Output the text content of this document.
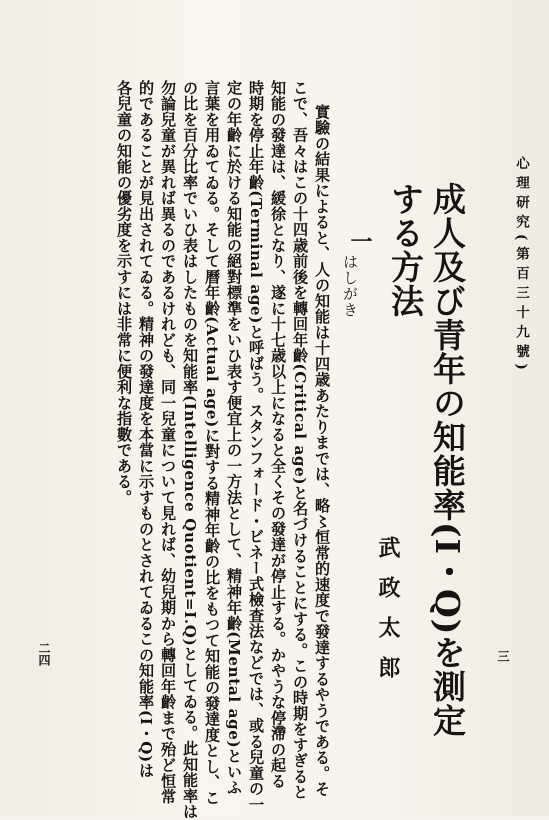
心理研究(第百三十九號)
三
成人及び青年の知能率(I・Q)を測定
する方法
武政太郎
一
はしがき
實驗の結果によると、人の知能は十四歳あたりまでは、略〻恒常的速度で發達するやうである。そ
こで、吾々はこの十四歳前後を轉回年齡(Critical age)と名づけることにする。この時期をすぎると
知能の發達は、緩徐となり、遂に十七歳以上になると全くその發達が停止する。かやうな停滯の起る
時期を停止年齡(Terminal age)と呼ばう。スタンフォード・ビネー式檢査法などでは、或る兒童の一
定の年齡に於ける知能の絕對標準をいひ表す便宜上の一方法として、精神年齡(Mental age)といふ
言葉を用ゐてゐる。そして曆年齡(Actual age)に對する精神年齡の比をもつて知能の發達度とし、こ
の比を百分比率でいひ表はしたものを知能率(Intelligence Quotient=I.Q)としてゐる。此知能率は
勿論兒童が異れば異るのであるけれども、同一兒童について見れば、幼兒期から轉回年齡まで殆ど恒常
的であることが見出されてゐる。精神の發達度を本當に示すものとされてゐるこの知能率(I・Q)は
各兒童の知能の優劣度を示すには非常に便利な指數である。
二四
